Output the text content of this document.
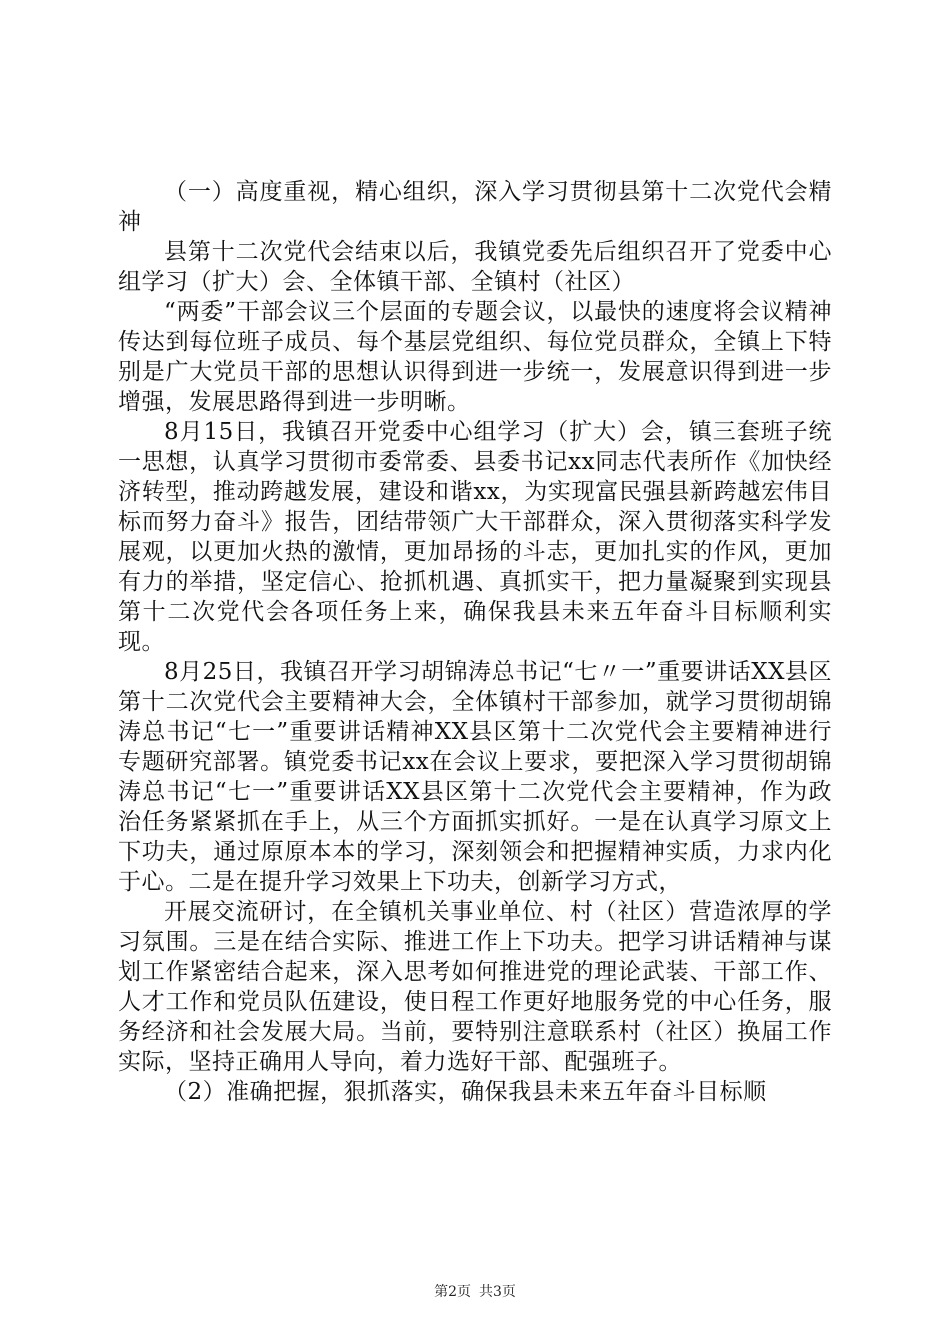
（一）高度重视，精心组织，深入学习贯彻县第十二次党代会精神

县第十二次党代会结束以后，我镇党委先后组织召开了党委中心组学习（扩大）会、全体镇干部、全镇村（社区）

“两委”干部会议三个层面的专题会议，以最快的速度将会议精神传达到每位班子成员、每个基层党组织、每位党员群众，全镇上下特别是广大党员干部的思想认识得到进一步统一，发展意识得到进一步增强，发展思路得到进一步明晰。

8月15日，我镇召开党委中心组学习（扩大）会，镇三套班子统一思想，认真学习贯彻市委常委、县委书记xx同志代表所作《加快经济转型，推动跨越发展，建设和谐xx，为实现富民强县新跨越宏伟目标而努力奋斗》报告，团结带领广大干部群众，深入贯彻落实科学发展观，以更加火热的激情，更加昂扬的斗志，更加扎实的作风，更加有力的举措，坚定信心、抢抓机遇、真抓实干，把力量凝聚到实现县第十二次党代会各项任务上来，确保我县未来五年奋斗目标顺利实现。

8月25日，我镇召开学习胡锦涛总书记“七〃一”重要讲话XX县区第十二次党代会主要精神大会，全体镇村干部参加，就学习贯彻胡锦涛总书记“七一”重要讲话精神XX县区第十二次党代会主要精神进行专题研究部署。镇党委书记xx在会议上要求，要把深入学习贯彻胡锦涛总书记“七一”重要讲话XX县区第十二次党代会主要精神，作为政治任务紧紧抓在手上，从三个方面抓实抓好。一是在认真学习原文上下功夫，通过原原本本的学习，深刻领会和把握精神实质，力求内化于心。二是在提升学习效果上下功夫，创新学习方式，

开展交流研讨，在全镇机关事业单位、村（社区）营造浓厚的学习氛围。三是在结合实际、推进工作上下功夫。把学习讲话精神与谋划工作紧密结合起来，深入思考如何推进党的理论武装、干部工作、人才工作和党员队伍建设，使日程工作更好地服务党的中心任务，服务经济和社会发展大局。当前，要特别注意联系村（社区）换届工作实际，坚持正确用人导向，着力选好干部、配强班子。

（2）准确把握，狠抓落实，确保我县未来五年奋斗目标顺

第2页 共3页
